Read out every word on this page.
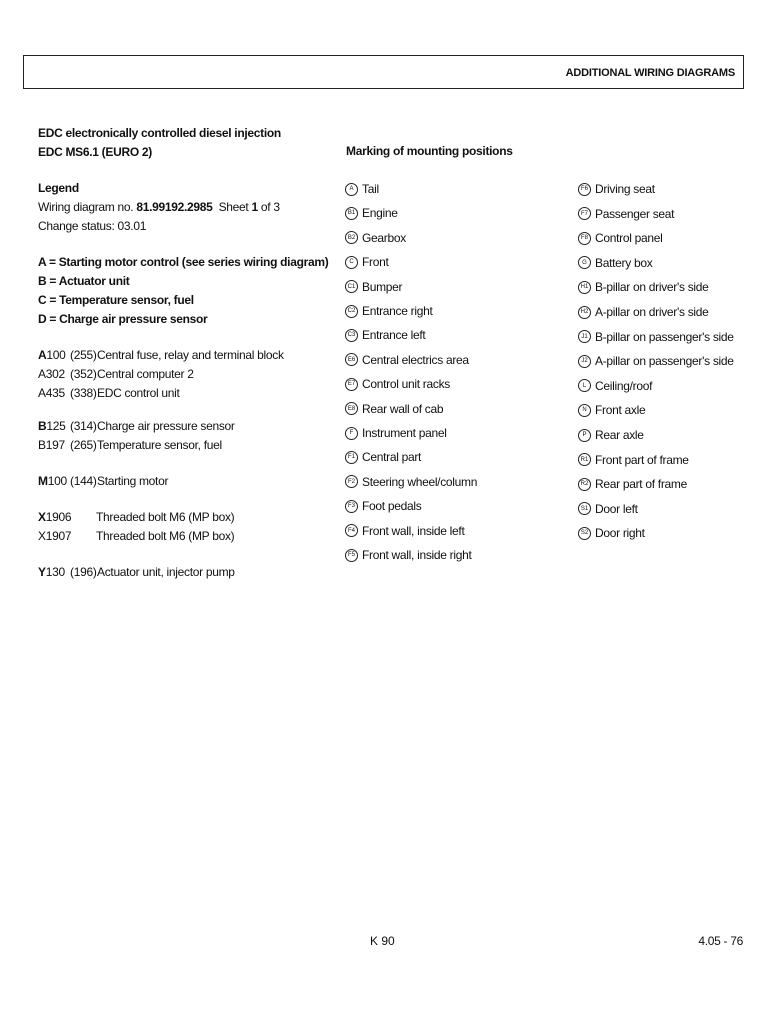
ADDITIONAL WIRING DIAGRAMS
EDC electronically controlled diesel injection
EDC MS6.1 (EURO 2)
Legend
Wiring diagram no. 81.99192.2985  Sheet 1 of 3
Change status: 03.01
A = Starting motor control (see series wiring diagram)
B = Actuator unit
C = Temperature sensor, fuel
D = Charge air pressure sensor
A100 (255) Central fuse, relay and terminal block
A302 (352) Central computer 2
A435 (338) EDC control unit
B125 (314) Charge air pressure sensor
B197 (265) Temperature sensor, fuel
M100 (144) Starting motor
X1906	Threaded bolt M6 (MP box)
X1907	Threaded bolt M6 (MP box)
Y130 (196) Actuator unit, injector pump
Marking of mounting positions
A Tail
B1 Engine
B2 Gearbox
C Front
C1 Bumper
C2 Entrance right
C3 Entrance left
E6 Central electrics area
E7 Control unit racks
E8 Rear wall of cab
F Instrument panel
F1 Central part
F2 Steering wheel/column
F3 Foot pedals
F4 Front wall, inside left
F5 Front wall, inside right
F6 Driving seat
F7 Passenger seat
F8 Control panel
G Battery box
H1 B-pillar on driver's side
H2 A-pillar on driver's side
J1 B-pillar on passenger's side
J2 A-pillar on passenger's side
L Ceiling/roof
N Front axle
P Rear axle
R1 Front part of frame
R2 Rear part of frame
S1 Door left
S2 Door right
K 90	4.05 - 76
